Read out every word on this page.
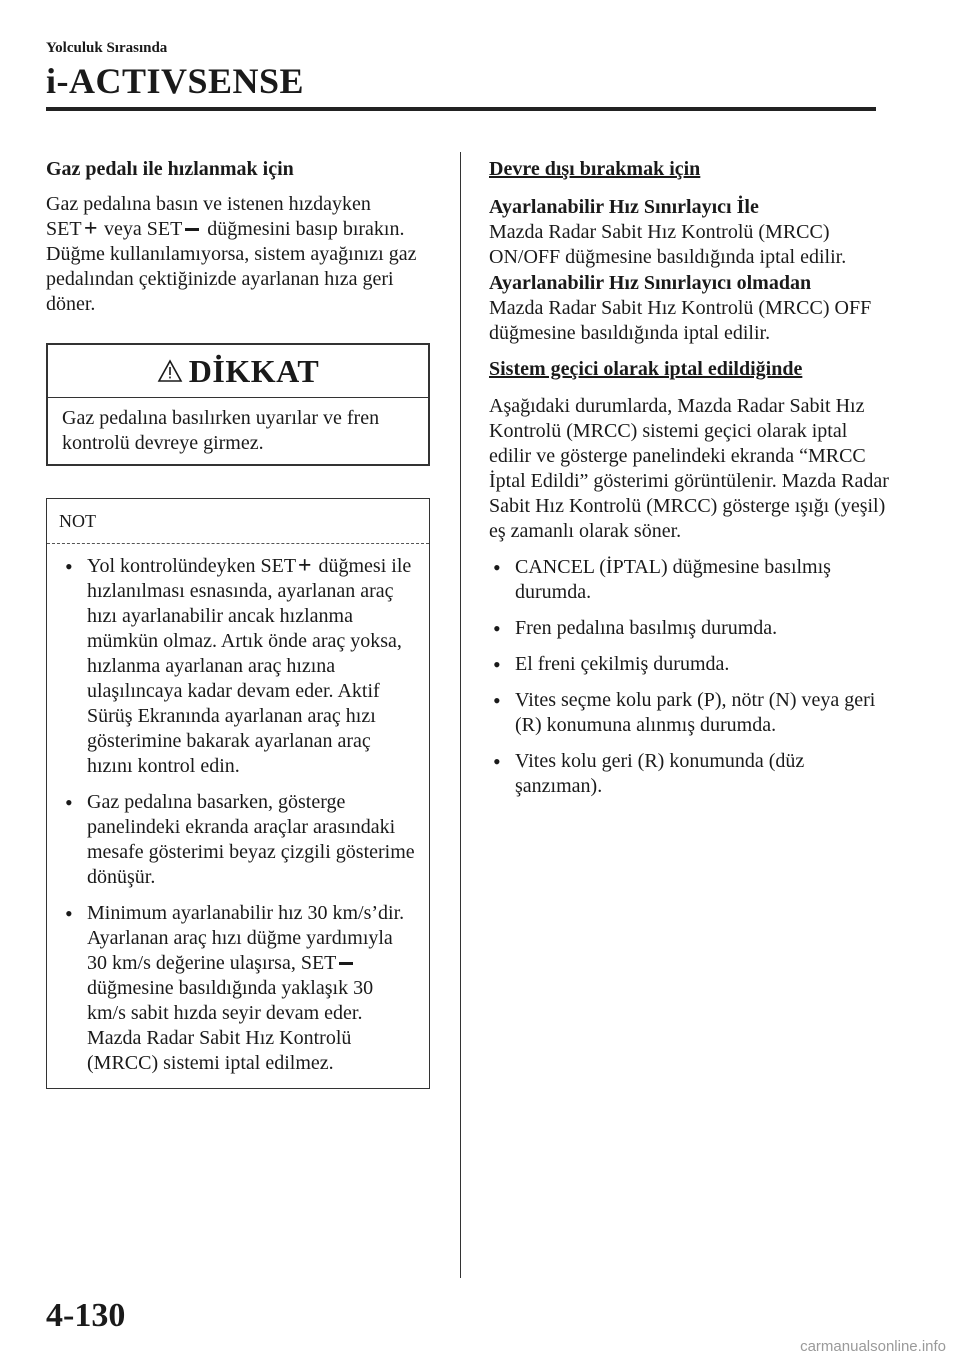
Yolculuk Sırasında
i-ACTIVSENSE
Gaz pedalı ile hızlanmak için

Gaz pedalına basın ve istenen hızdayken
SET+ veya SET düğmesini basıp bırakın. Düğme kullanılamıyorsa, sistem ayağınızı gaz pedalından çektiğinizde ayarlanan hıza geri döner.

DİKKAT
Gaz pedalına basılırken uyarılar ve fren kontrolü devreye girmez.
NOT
• Yol kontrolündeyken SET+ düğmesi ile hızlanılması esnasında, ayarlanan araç hızı ayarlanabilir ancak hızlanma mümkün olmaz. Artık önde araç yoksa, hızlanma ayarlanan araç hızına ulaşılıncaya kadar devam eder. Aktif Sürüş Ekranında ayarlanan araç hızı gösterimine bakarak ayarlanan araç hızını kontrol edin.
• Gaz pedalına basarken, gösterge panelindeki ekranda araçlar arasındaki mesafe gösterimi beyaz çizgili gösterime dönüşür.
• Minimum ayarlanabilir hız 30 km/s’dir. Ayarlanan araç hızı düğme yardımıyla 30 km/s değerine ulaşırsa, SET düğmesine basıldığında yaklaşık 30 km/s sabit hızda seyir devam eder. Mazda Radar Sabit Hız Kontrolü (MRCC) sistemi iptal edilmez.
Devre dışı bırakmak için
Ayarlanabilir Hız Sınırlayıcı İle

Mazda Radar Sabit Hız Kontrolü (MRCC) ON/OFF düğmesine basıldığında iptal edilir.

Ayarlanabilir Hız Sınırlayıcı olmadan

Mazda Radar Sabit Hız Kontrolü (MRCC) OFF düğmesine basıldığında iptal edilir.

Sistem geçici olarak iptal edildiğinde

Aşağıdaki durumlarda, Mazda Radar Sabit Hız Kontrolü (MRCC) sistemi geçici olarak iptal edilir ve gösterge panelindeki ekranda “MRCC İptal Edildi” gösterimi görüntülenir. Mazda Radar Sabit Hız Kontrolü (MRCC) gösterge ışığı (yeşil) eş zamanlı olarak söner.

• CANCEL (İPTAL) düğmesine basılmış durumda.
• Fren pedalına basılmış durumda.
• El freni çekilmiş durumda.
• Vites seçme kolu park (P), nötr (N) veya geri (R) konumuna alınmış durumda.
• Vites kolu geri (R) konumunda (düz şanzıman).
4-130
carmanualsonline.info
